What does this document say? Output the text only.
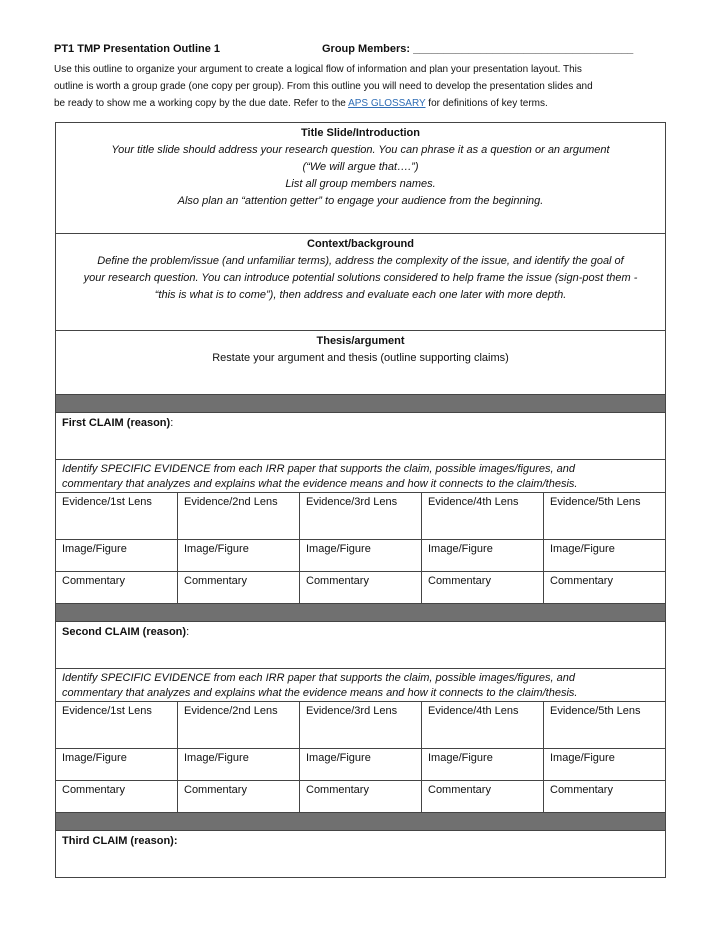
PT1 TMP Presentation Outline 1	Group Members: ____________________________________
Use this outline to organize your argument to create a logical flow of information and plan your presentation layout. This
outline is worth a group grade (one copy per group). From this outline you will need to develop the presentation slides and
be ready to show me a working copy by the due date. Refer to the APS GLOSSARY for definitions of key terms.
Title Slide/Introduction
Your title slide should address your research question. You can phrase it as a question or an argument
(“We will argue that….”)
List all group members names.
Also plan an “attention getter” to engage your audience from the beginning.				

Context/background
Define the problem/issue (and unfamiliar terms), address the complexity of the issue, and identify the goal of
your research question. You can introduce potential solutions considered to help frame the issue (sign-post them -
“this is what is to come”), then address and evaluate each one later with more depth.				

Thesis/argument
Restate your argument and thesis (outline supporting claims)				

First CLAIM (reason):				

Identify SPECIFIC EVIDENCE from each IRR paper that supports the claim, possible images/figures, and
commentary that analyzes and explains what the evidence means and how it connects to the claim/thesis.				

Evidence/1st Lens	Evidence/2nd Lens	Evidence/3rd Lens	Evidence/4th Lens	Evidence/5th Lens
Image/Figure	Image/Figure	Image/Figure	Image/Figure	Image/Figure
Commentary	Commentary	Commentary	Commentary	Commentary

Second CLAIM (reason):				

Identify SPECIFIC EVIDENCE from each IRR paper that supports the claim, possible images/figures, and
commentary that analyzes and explains what the evidence means and how it connects to the claim/thesis.				

Evidence/1st Lens	Evidence/2nd Lens	Evidence/3rd Lens	Evidence/4th Lens	Evidence/5th Lens
Image/Figure	Image/Figure	Image/Figure	Image/Figure	Image/Figure
Commentary	Commentary	Commentary	Commentary	Commentary

Third CLAIM (reason):				
